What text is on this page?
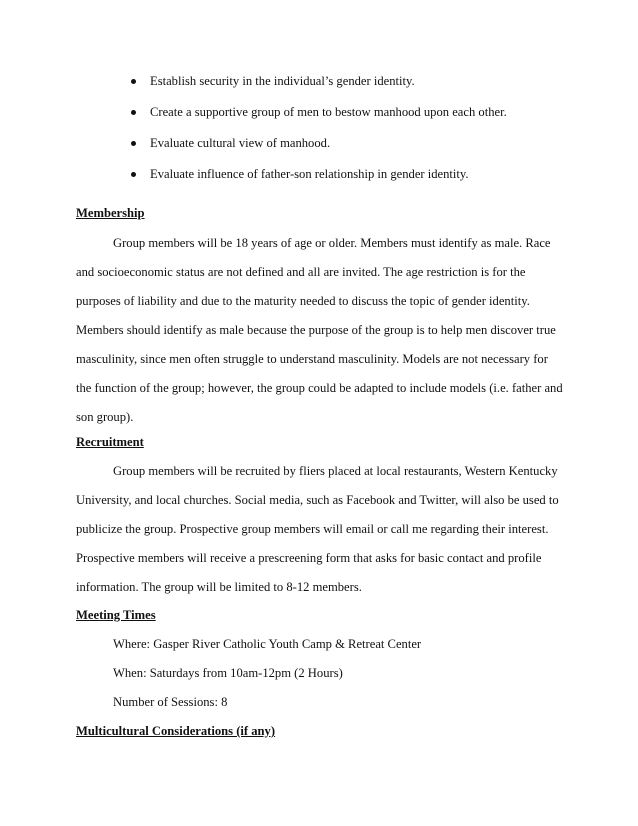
Establish security in the individual’s gender identity.
Create a supportive group of men to bestow manhood upon each other.
Evaluate cultural view of manhood.
Evaluate influence of father-son relationship in gender identity.
Membership
Group members will be 18 years of age or older. Members must identify as male. Race
and socioeconomic status are not defined and all are invited. The age restriction is for the
purposes of liability and due to the maturity needed to discuss the topic of gender identity.
Members should identify as male because the purpose of the group is to help men discover true
masculinity, since men often struggle to understand masculinity. Models are not necessary for
the function of the group; however, the group could be adapted to include models (i.e. father and
son group).
Recruitment
Group members will be recruited by fliers placed at local restaurants, Western Kentucky
University, and local churches. Social media, such as Facebook and Twitter, will also be used to
publicize the group. Prospective group members will email or call me regarding their interest.
Prospective members will receive a prescreening form that asks for basic contact and profile
information. The group will be limited to 8-12 members.
Meeting Times
Where: Gasper River Catholic Youth Camp & Retreat Center
When: Saturdays from 10am-12pm (2 Hours)
Number of Sessions: 8
Multicultural Considerations (if any)
